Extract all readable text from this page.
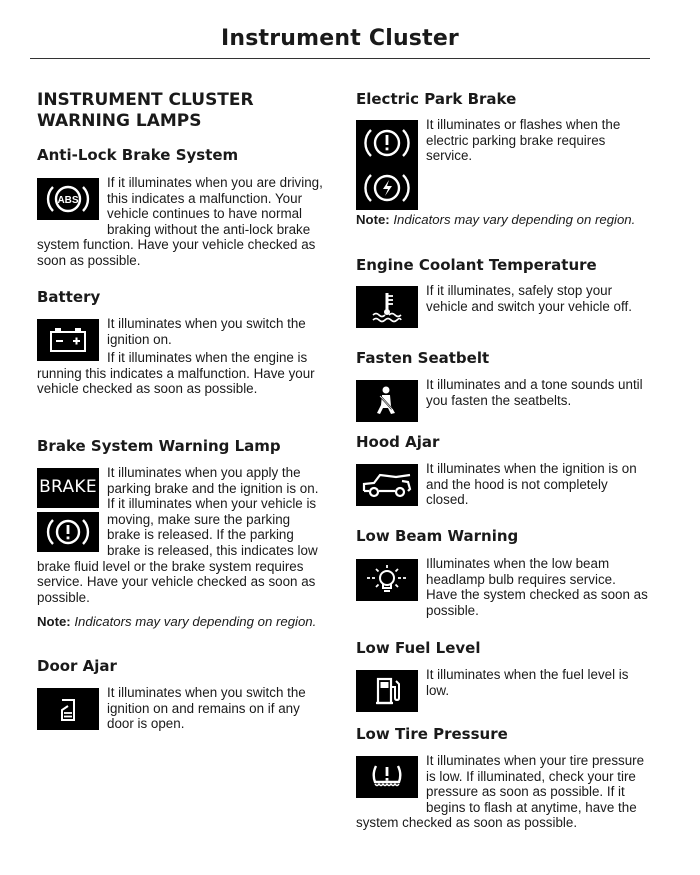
Instrument Cluster
INSTRUMENT CLUSTER WARNING LAMPS
Anti-Lock Brake System
ABS
If it illuminates when you are driving, this indicates a malfunction. Your vehicle continues to have normal braking without the anti-lock brake system function. Have your vehicle checked as soon as possible.
Battery
It illuminates when you switch the ignition on.
If it illuminates when the engine is running this indicates a malfunction. Have your vehicle checked as soon as possible.
Brake System Warning Lamp
BRAKE
It illuminates when you apply the parking brake and the ignition is on. If it illuminates when your vehicle is moving, make sure the parking brake is released. If the parking brake is released, this indicates low brake fluid level or the brake system requires service. Have your vehicle checked as soon as possible.
Note: Indicators may vary depending on region.
Door Ajar
It illuminates when you switch the ignition on and remains on if any door is open.
Electric Park Brake
It illuminates or flashes when the electric parking brake requires service.
Note: Indicators may vary depending on region.
Engine Coolant Temperature
If it illuminates, safely stop your vehicle and switch your vehicle off.
Fasten Seatbelt
It illuminates and a tone sounds until you fasten the seatbelts.
Hood Ajar
It illuminates when the ignition is on and the hood is not completely closed.
Low Beam Warning
Illuminates when the low beam headlamp bulb requires service. Have the system checked as soon as possible.
Low Fuel Level
It illuminates when the fuel level is low.
Low Tire Pressure
It illuminates when your tire pressure is low. If illuminated, check your tire pressure as soon as possible. If it begins to flash at anytime, have the system checked as soon as possible.
